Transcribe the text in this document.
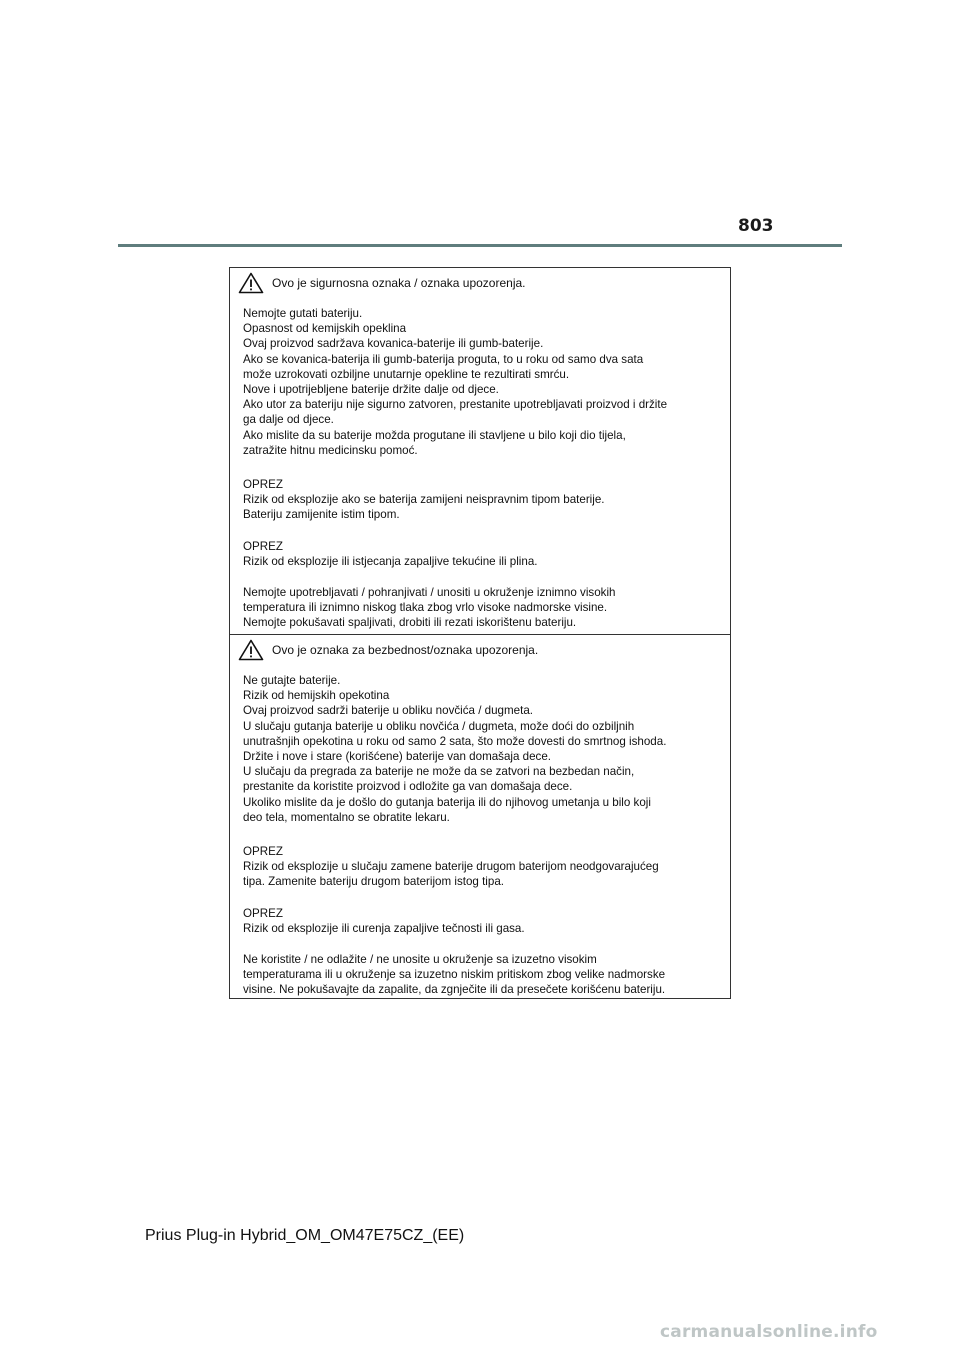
803
Ovo je sigurnosna oznaka / oznaka upozorenja.
Nemojte gutati bateriju.
Opasnost od kemijskih opeklina
Ovaj proizvod sadržava kovanica-baterije ili gumb-baterije.
Ako se kovanica-baterija ili gumb-baterija proguta, to u roku od samo dva sata
može uzrokovati ozbiljne unutarnje opekline te rezultirati smrću.
Nove i upotrijebljene baterije držite dalje od djece.
Ako utor za bateriju nije sigurno zatvoren, prestanite upotrebljavati proizvod i držite
ga dalje od djece.
Ako mislite da su baterije možda progutane ili stavljene u bilo koji dio tijela,
zatražite hitnu medicinsku pomoć.
OPREZ
Rizik od eksplozije ako se baterija zamijeni neispravnim tipom baterije.
Bateriju zamijenite istim tipom.
OPREZ
Rizik od eksplozije ili istjecanja zapaljive tekućine ili plina.
Nemojte upotrebljavati / pohranjivati / unositi u okruženje iznimno visokih
temperatura ili iznimno niskog tlaka zbog vrlo visoke nadmorske visine.
Nemojte pokušavati spaljivati, drobiti ili rezati iskorištenu bateriju.
Ovo je oznaka za bezbednost/oznaka upozorenja.
Ne gutajte baterije.
Rizik od hemijskih opekotina
Ovaj proizvod sadrži baterije u obliku novčića / dugmeta.
U slučaju gutanja baterije u obliku novčića / dugmeta, može doći do ozbiljnih
unutrašnjih opekotina u roku od samo 2 sata, što može dovesti do smrtnog ishoda.
Držite i nove i stare (korišćene) baterije van domašaja dece.
U slučaju da pregrada za baterije ne može da se zatvori na bezbedan način,
prestanite da koristite proizvod i odložite ga van domašaja dece.
Ukoliko mislite da je došlo do gutanja baterija ili do njihovog umetanja u bilo koji
deo tela, momentalno se obratite lekaru.
OPREZ
Rizik od eksplozije u slučaju zamene baterije drugom baterijom neodgovarajućeg
tipa. Zamenite bateriju drugom baterijom istog tipa.
OPREZ
Rizik od eksplozije ili curenja zapaljive tečnosti ili gasa.
Ne koristite / ne odlažite / ne unosite u okruženje sa izuzetno visokim
temperaturama ili u okruženje sa izuzetno niskim pritiskom zbog velike nadmorske
visine. Ne pokušavajte da zapalite, da zgnječite ili da presečete korišćenu bateriju.
Prius Plug-in Hybrid_OM_OM47E75CZ_(EE)
carmanualsonline.info
